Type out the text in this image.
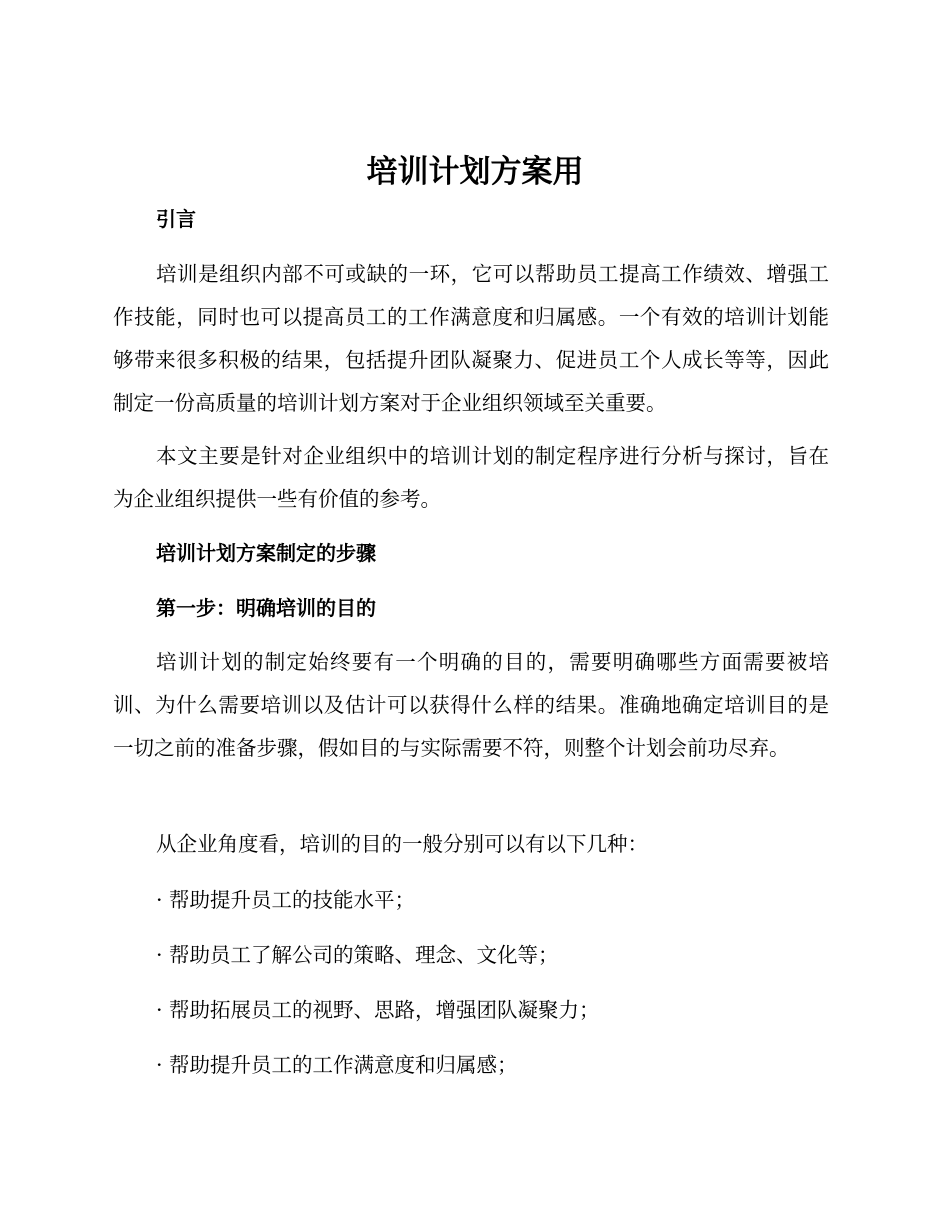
培训计划方案用
引言

培训是组织内部不可或缺的一环，它可以帮助员工提高工作绩效、增强工作技能，同时也可以提高员工的工作满意度和归属感。一个有效的培训计划能够带来很多积极的结果，包括提升团队凝聚力、促进员工个人成长等等，因此制定一份高质量的培训计划方案对于企业组织领域至关重要。

本文主要是针对企业组织中的培训计划的制定程序进行分析与探讨，旨在为企业组织提供一些有价值的参考。

培训计划方案制定的步骤
第一步：明确培训的目的

培训计划的制定始终要有一个明确的目的，需要明确哪些方面需要被培训、为什么需要培训以及估计可以获得什么样的结果。准确地确定培训目的是一切之前的准备步骤，假如目的与实际需要不符，则整个计划会前功尽弃。

从企业角度看，培训的目的一般分别可以有以下几种：

· 帮助提升员工的技能水平；

· 帮助员工了解公司的策略、理念、文化等；

· 帮助拓展员工的视野、思路，增强团队凝聚力；

· 帮助提升员工的工作满意度和归属感；
